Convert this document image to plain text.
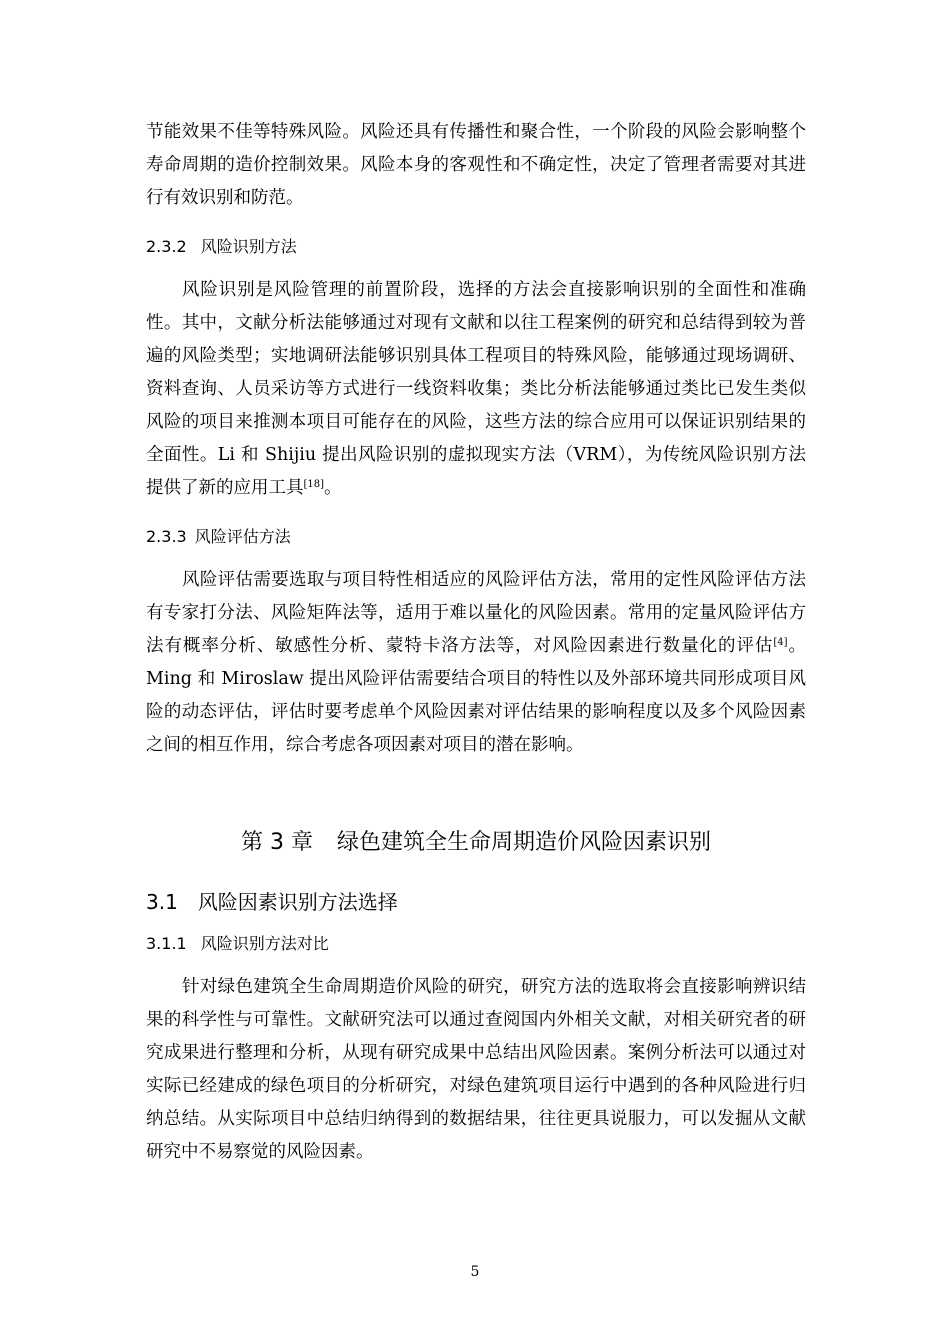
节能效果不佳等特殊风险。风险还具有传播性和聚合性，一个阶段的风险会影响整个寿命周期的造价控制效果。风险本身的客观性和不确定性，决定了管理者需要对其进行有效识别和防范。

2.3.2 风险识别方法

风险识别是风险管理的前置阶段，选择的方法会直接影响识别的全面性和准确性。其中，文献分析法能够通过对现有文献和以往工程案例的研究和总结得到较为普遍的风险类型；实地调研法能够识别具体工程项目的特殊风险，能够通过现场调研、资料查询、人员采访等方式进行一线资料收集；类比分析法能够通过类比已发生类似风险的项目来推测本项目可能存在的风险，这些方法的综合应用可以保证识别结果的全面性。Li 和 Shijiu 提出风险识别的虚拟现实方法（VRM），为传统风险识别方法提供了新的应用工具[18]。

2.3.3 风险评估方法

风险评估需要选取与项目特性相适应的风险评估方法，常用的定性风险评估方法有专家打分法、风险矩阵法等，适用于难以量化的风险因素。常用的定量风险评估方法有概率分析、敏感性分析、蒙特卡洛方法等，对风险因素进行数量化的评估[4]。Ming 和 Miroslaw 提出风险评估需要结合项目的特性以及外部环境共同形成项目风险的动态评估，评估时要考虑单个风险因素对评估结果的影响程度以及多个风险因素之间的相互作用，综合考虑各项因素对项目的潜在影响。

第 3 章 绿色建筑全生命周期造价风险因素识别
3.1 风险因素识别方法选择
3.1.1 风险识别方法对比

针对绿色建筑全生命周期造价风险的研究，研究方法的选取将会直接影响辨识结果的科学性与可靠性。文献研究法可以通过查阅国内外相关文献，对相关研究者的研究成果进行整理和分析，从现有研究成果中总结出风险因素。案例分析法可以通过对实际已经建成的绿色项目的分析研究，对绿色建筑项目运行中遇到的各种风险进行归纳总结。从实际项目中总结归纳得到的数据结果，往往更具说服力，可以发掘从文献研究中不易察觉的风险因素。

5
